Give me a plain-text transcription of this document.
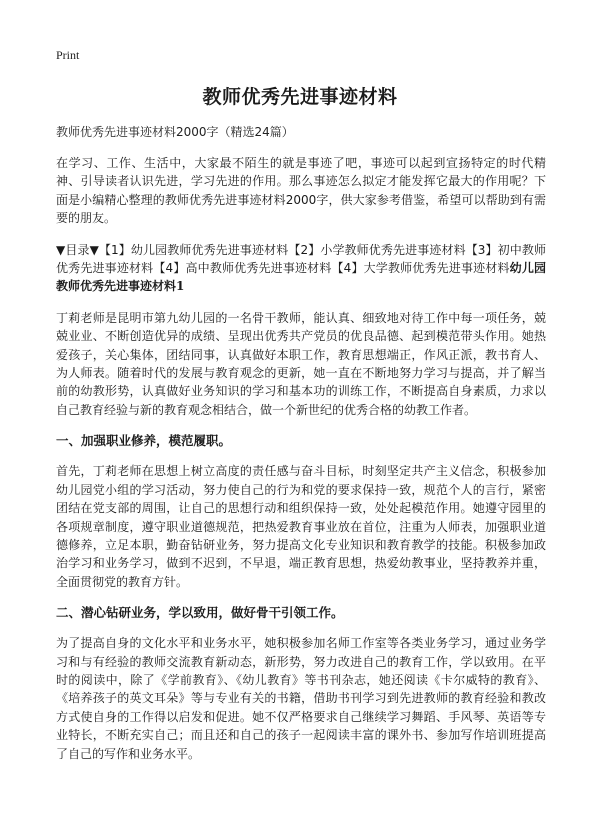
Print
教师优秀先进事迹材料
教师优秀先进事迹材料2000字（精选24篇）

在学习、工作、生活中，大家最不陌生的就是事迹了吧，事迹可以起到宣扬特定的时代精神、引导读者认识先进，学习先进的作用。那么事迹怎么拟定才能发挥它最大的作用呢？下面是小编精心整理的教师优秀先进事迹材料2000字，供大家参考借鉴，希望可以帮助到有需要的朋友。

▼目录▼【1】幼儿园教师优秀先进事迹材料【2】小学教师优秀先进事迹材料【3】初中教师优秀先进事迹材料【4】高中教师优秀先进事迹材料【4】大学教师优秀先进事迹材料幼儿园教师优秀先进事迹材料1

丁莉老师是昆明市第九幼儿园的一名骨干教师，能认真、细致地对待工作中每一项任务，兢兢业业、不断创造优异的成绩、呈现出优秀共产党员的优良品德、起到模范带头作用。她热爱孩子，关心集体，团结同事，认真做好本职工作，教育思想端正，作风正派，教书育人、为人师表。随着时代的发展与教育观念的更新，她一直在不断地努力学习与提高，并了解当前的幼教形势，认真做好业务知识的学习和基本功的训练工作，不断提高自身素质，力求以自己教育经验与新的教育观念相结合，做一个新世纪的优秀合格的幼教工作者。

一、加强职业修养，模范履职。

首先，丁莉老师在思想上树立高度的责任感与奋斗目标，时刻坚定共产主义信念，积极参加幼儿园党小组的学习活动，努力使自己的行为和党的要求保持一致，规范个人的言行，紧密团结在党支部的周围，让自己的思想行动和组织保持一致，处处起模范作用。她遵守园里的各项规章制度，遵守职业道德规范，把热爱教育事业放在首位，注重为人师表，加强职业道德修养，立足本职，勤奋钻研业务，努力提高文化专业知识和教育教学的技能。积极参加政治学习和业务学习，做到不迟到，不早退，端正教育思想，热爱幼教事业，坚持教养并重，全面贯彻党的教育方针。

二、潜心钻研业务，学以致用，做好骨干引领工作。

为了提高自身的文化水平和业务水平，她积极参加名师工作室等各类业务学习，通过业务学习和与有经验的教师交流教育新动态，新形势，努力改进自己的教育工作，学以致用。在平时的阅读中，除了《学前教育》、《幼儿教育》等书刊杂志，她还阅读《卡尔威特的教育》、《培养孩子的英文耳朵》等与专业有关的书籍，借助书刊学习到先进教师的教育经验和教改方式使自身的工作得以启发和促进。她不仅严格要求自己继续学习舞蹈、手风琴、英语等专业特长，不断充实自己；而且还和自己的孩子一起阅读丰富的课外书、参加写作培训班提高了自己的写作和业务水平。
